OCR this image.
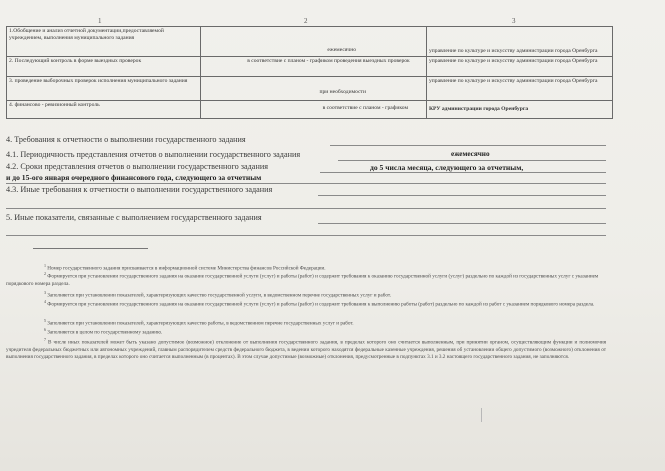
1	2	3
1.Обобщение и анализ отчетной документации,предоставляемой учреждением, выполнения муниципального задания	ежемесячно	управление по культуре и искусству администрации города Оренбурга
2. Последующий контроль в форме выездных проверок	в соответствие с планом - графиком проведения выездных проверок	управление по культуре и искусству администрации города Оренбурга
3. проведение выборочных проверок исполнения муниципального задания	при необходимости	управление по культуре и искусству администрации города Оренбурга
4. финансово - ревизионный контроль	в соответствие с планом - графиком	КРУ администрации города Оренбурга
4. Требования к отчетности о выполнении государственного задания
4.1. Периодичность представления отчетов о выполнении государственного задания	ежемесячно
4.2. Сроки представления отчетов о выполнении государственного задания	до 5 числа месяца, следующего за отчетным,
и до 15-ого января очередного финансового года, следующего за отчетным
4.3. Иные требования к отчетности о выполнении государственного задания
5. Иные показатели, связанные с выполнением государственного задания
$^1$ Номер государственного задания присваивается в информационной системе Министерства финансов Российской Федерации.
$^2$ Формируется при установлении государственного задания на оказание государственной услуги (услуг) и работы (работ) и содержит требования к оказанию государственной услуги (услуг) раздельно по каждой из государственных услуг с указанием порядкового номера раздела.
$^3$ Заполняется при установлении показателей, характеризующих качество государственной услуги, в ведомственном перечне государственных услуг и работ.
$^4$ Формируется при установлении государственного задания на оказание государственной услуги (услуг) и работы (работ) и содержит требования к выполнению работы (работ) раздельно по каждой из работ с указанием порядкового номера раздела.
$^5$ Заполняется при установлении показателей, характеризующих качество работы, в ведомственном перечне государственных услуг и работ.
$^6$ Заполняется в целом по государственному заданию.
$^7$ В числе иных показателей может быть указано допустимое (возможное) отклонение от выполнения государственного задания, в пределах которого оно считается выполненным, при принятии органом, осуществляющим функции и полномочия учредителя федеральных бюджетных или автономных учреждений, главным распорядителем средств федерального бюджета, в ведении которого находятся федеральные казенные учреждения, решения об установлении общего допустимого (возможного) отклонения от выполнения государственного задания, в пределах которого оно считается выполненным (в процентах). В этом случае допустимые (возможные) отклонения, предусмотренные в подпунктах 3.1 и 3.2 настоящего государственного задания, не заполняются.
